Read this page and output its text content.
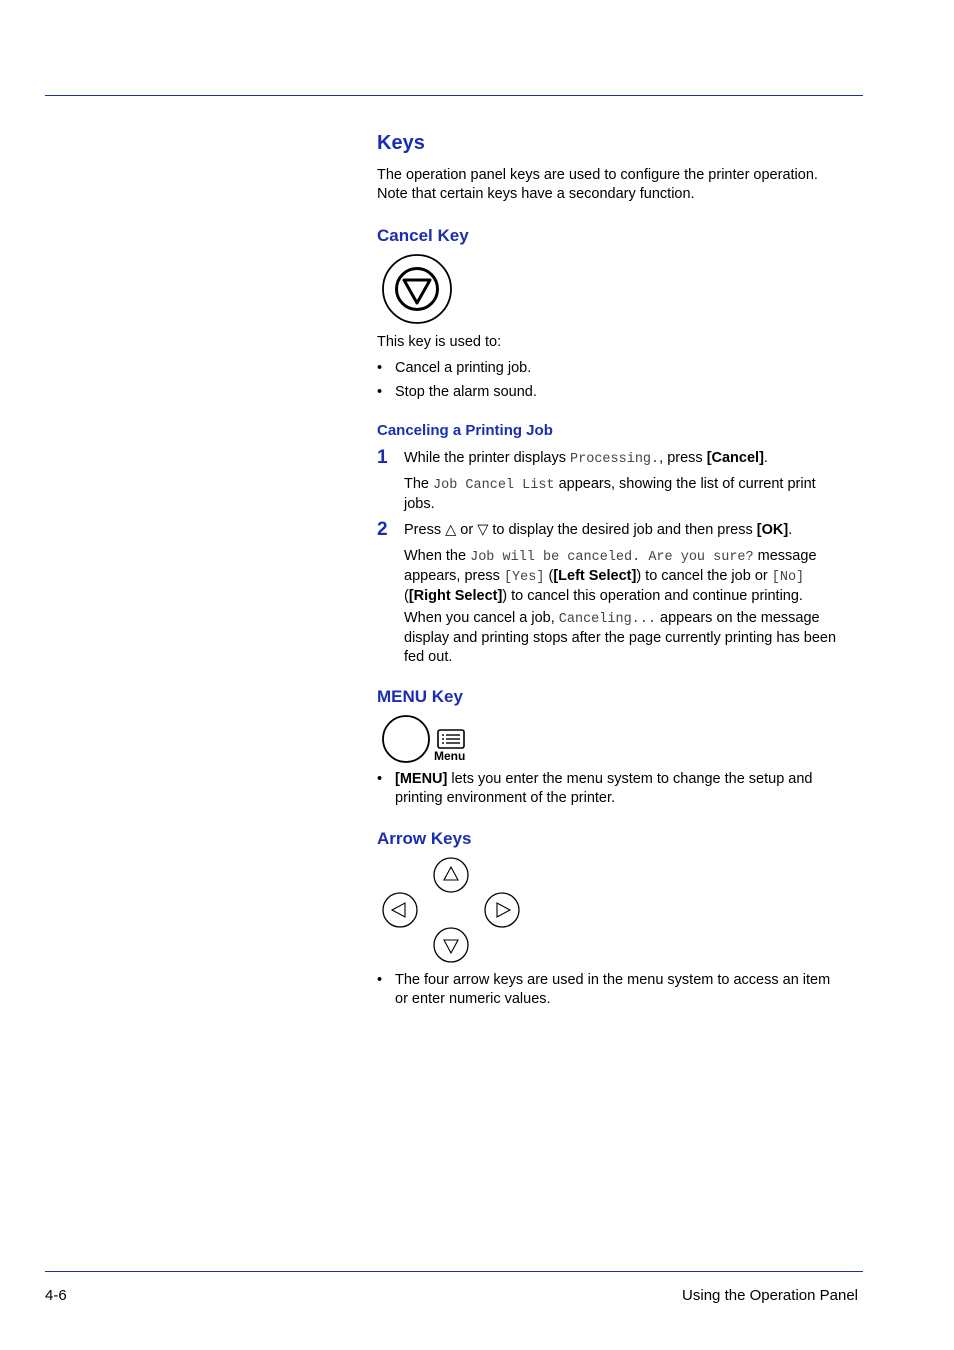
Keys
The operation panel keys are used to configure the printer operation.
Note that certain keys have a secondary function.
Cancel Key
This key is used to:
• Cancel a printing job.
• Stop the alarm sound.
Canceling a Printing Job
1 While the printer displays Processing., press [Cancel].
The Job Cancel List appears, showing the list of current print
jobs.
2 Press △ or ▽ to display the desired job and then press [OK].
When the Job will be canceled. Are you sure? message
appears, press [Yes] ([Left Select]) to cancel the job or [No]
([Right Select]) to cancel this operation and continue printing.
When you cancel a job, Canceling... appears on the message
display and printing stops after the page currently printing has been
fed out.
MENU Key
Menu
• [MENU] lets you enter the menu system to change the setup and
printing environment of the printer.
Arrow Keys
• The four arrow keys are used in the menu system to access an item
or enter numeric values.
4-6	Using the Operation Panel
